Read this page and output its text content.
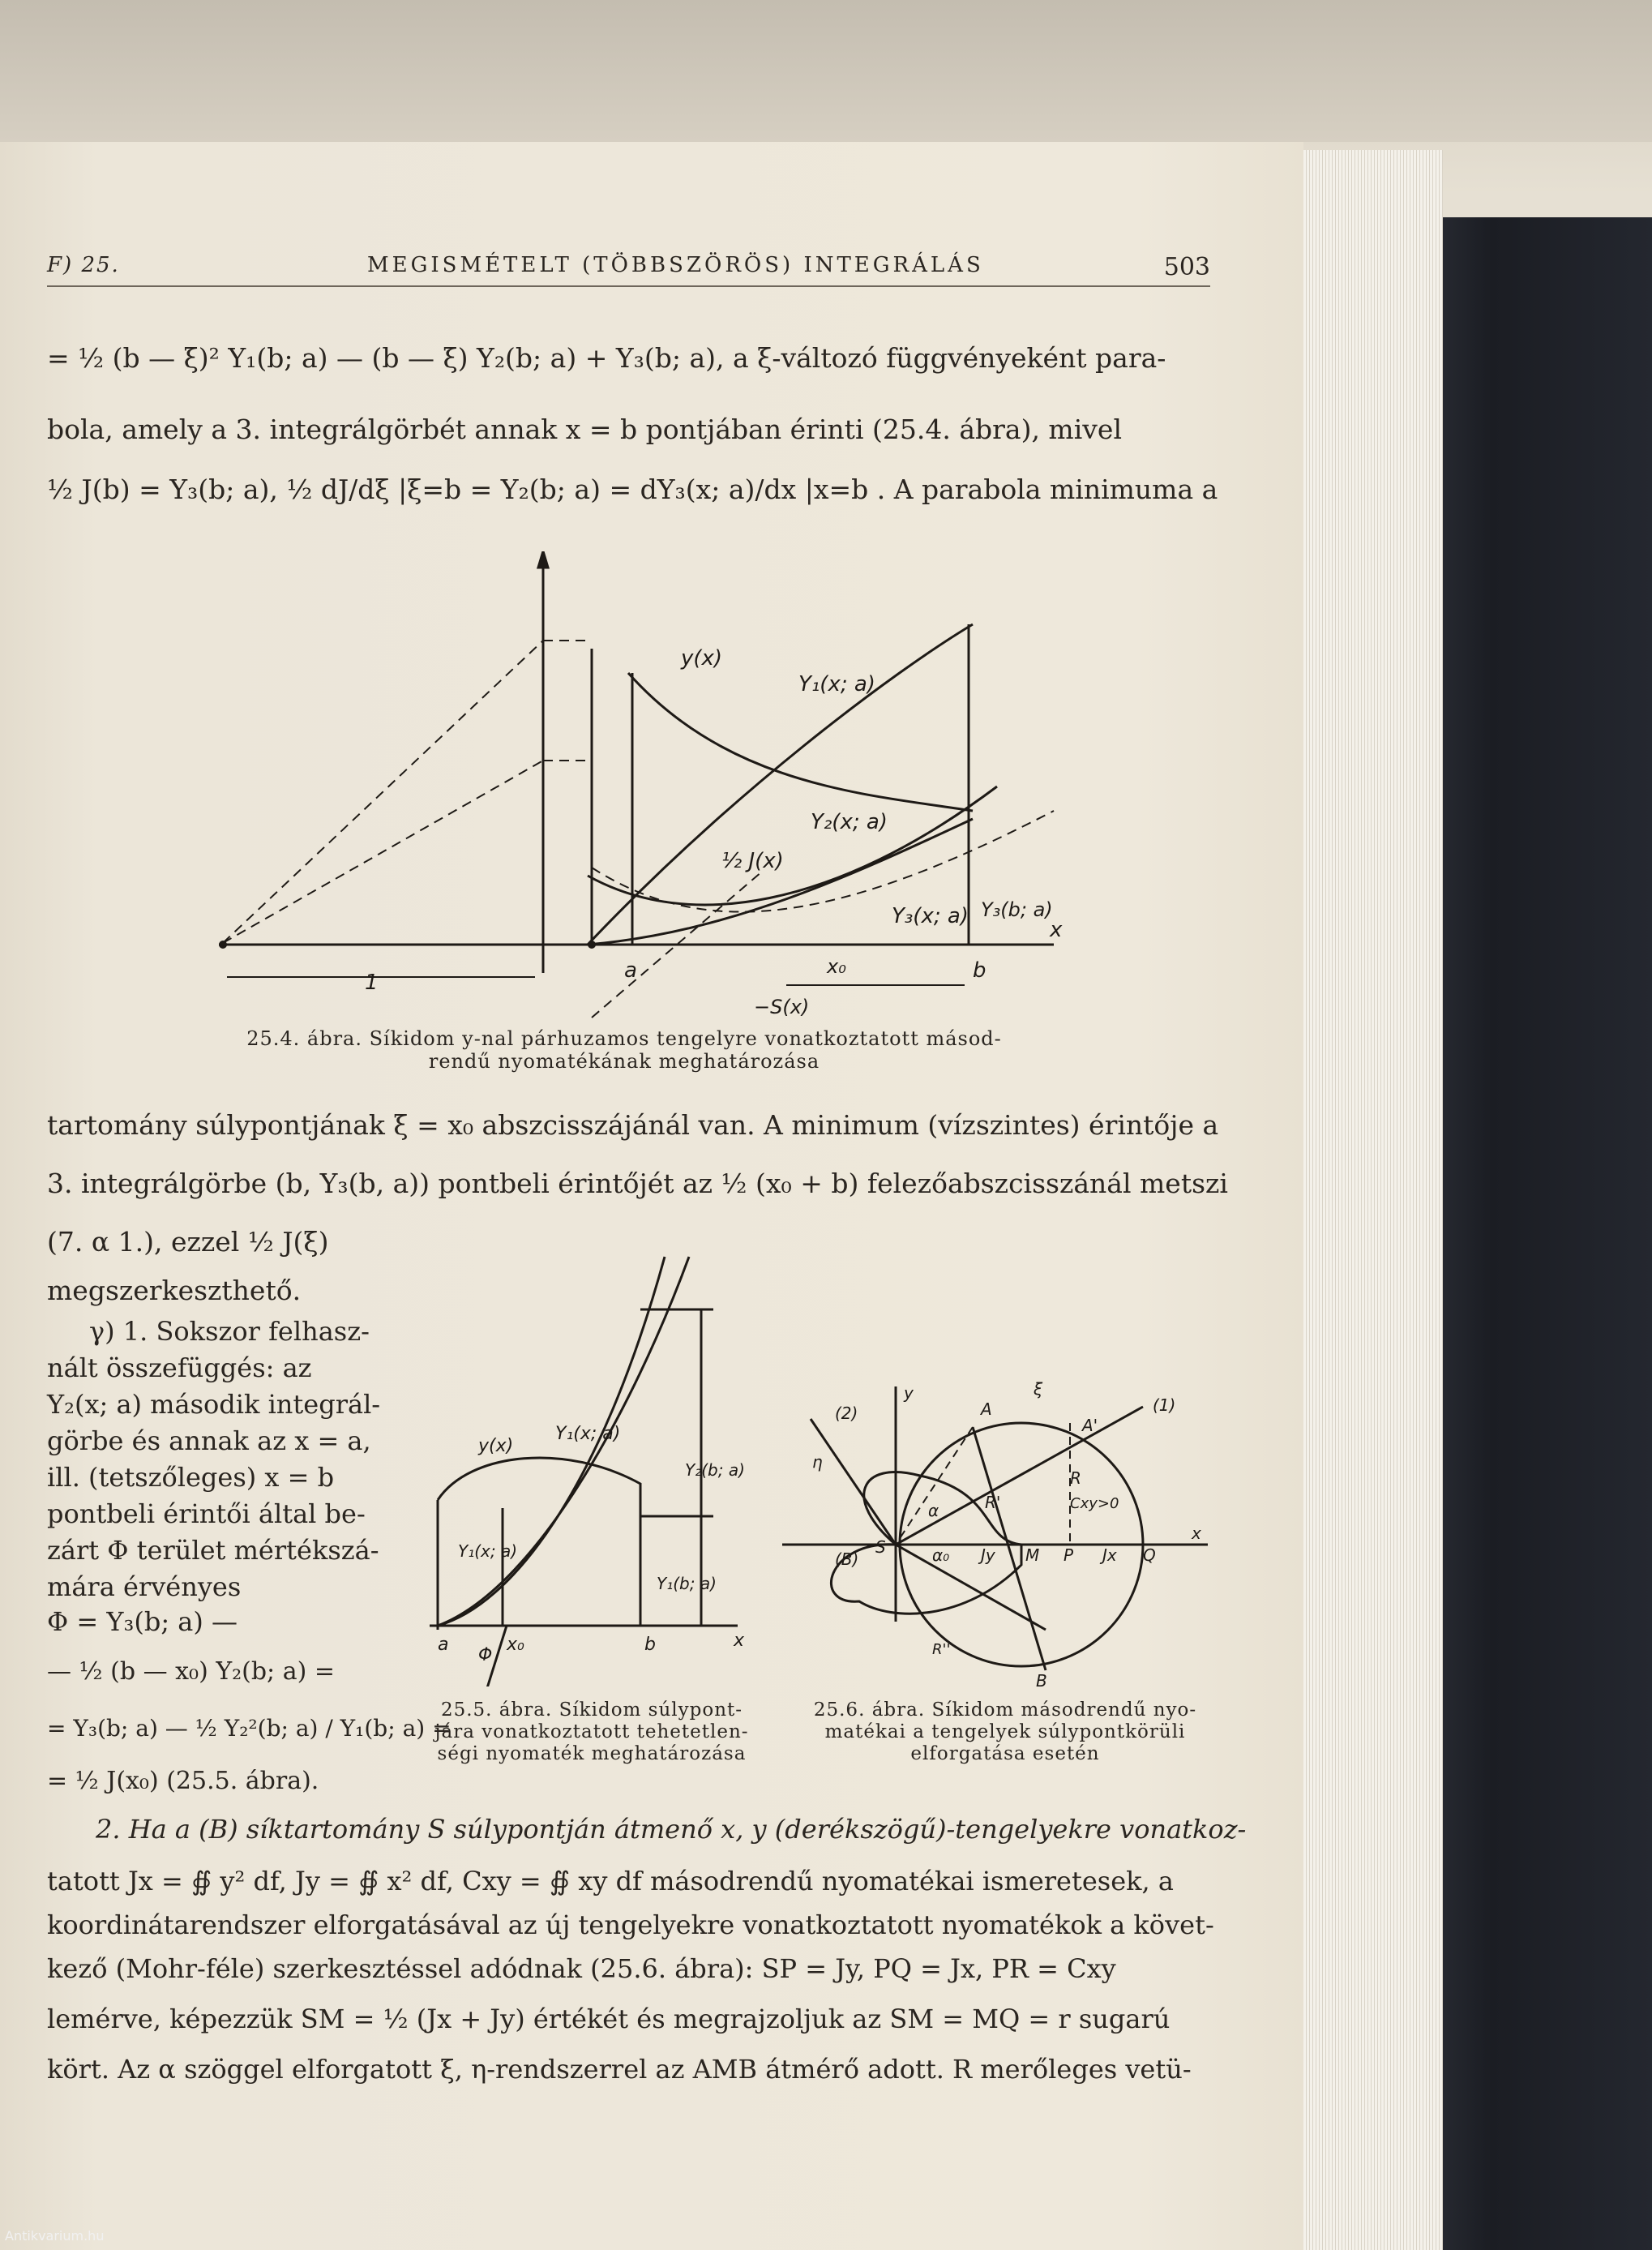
F) 25.	MEGISMÉTELT (TÖBBSZÖRÖS) INTEGRÁLÁS	503
= ½ (b — ξ)² Y₁(b; a) — (b — ξ) Y₂(b; a) + Y₃(b; a), a ξ-változó függvényeként para-
bola, amely a 3. integrálgörbét annak x = b pontjában érinti (25.4. ábra), mivel
½ J(b) = Y₃(b; a), ½ dJ/dξ |ξ=b = Y₂(b; a) = dY₃(x; a)/dx |x=b . A parabola minimuma a
y(x)
Y₁(x; a)
Y₂(x; a)
½ J(x)
Y₃(x; a) Y₃(b; a)
a	b
x
x₀
1
−S(x)
25.4. ábra. Síkidom y-nal párhuzamos tengelyre vonatkoztatott másod-
rendű nyomatékának meghatározása
tartomány súlypontjának ξ = x₀ abszcisszájánál van. A minimum (vízszintes) érintője a
3. integrálgörbe (b, Y₃(b, a)) pontbeli érintőjét az ½ (x₀ + b) felezőabszcisszánál metszi
(7. α 1.), ezzel ½ J(ξ)
megszerkeszthető.
γ) 1. Sokszor felhasz-
nált összefüggés: az
Y₂(x; a) második integrál-
görbe és annak az x = a,
ill. (tetszőleges) x = b
pontbeli érintői által be-
zárt Φ terület mértékszá-
mára érvényes
Φ = Y₃(b; a) —
— ½ (b — x₀) Y₂(b; a) =
= Y₃(b; a) — ½ Y₂²(b; a) / Y₁(b; a) =
= ½ J(x₀) (25.5. ábra).
Y₁(x; a)
y(x)
Y₂(b; a)
Y₁(x; a)
Y₁(b; a)
a	x₀	b	x
Φ
25.5. ábra. Síkidom súlypont-
jára vonatkoztatott tehetetlen-
ségi nyomaték meghatározása
(2)
y	ξ
A
A'
(1)
η
R
R'	Cxy>0
(B)
S
α
α₀ Jy M P Jx Q
x
R''
B
25.6. ábra. Síkidom másodrendű nyo-
matékai a tengelyek súlypontkörüli
elforgatása esetén
2. Ha a (B) síktartomány S súlypontján átmenő x, y (derékszögű)-tengelyekre vonatkoz-
tatott Jx = ∯ y² df, Jy = ∯ x² df, Cxy = ∯ xy df másodrendű nyomatékai ismeretesek, a
koordinátarendszer elforgatásával az új tengelyekre vonatkoztatott nyomatékok a követ-
kező (Mohr-féle) szerkesztéssel adódnak (25.6. ábra): SP = Jy, PQ = Jx, PR = Cxy
lemérve, képezzük SM = ½ (Jx + Jy) értékét és megrajzoljuk az SM = MQ = r sugarú
kört. Az α szöggel elforgatott ξ, η-rendszerrel az AMB átmérő adott. R merőleges vetü-
Antikvarium.hu
